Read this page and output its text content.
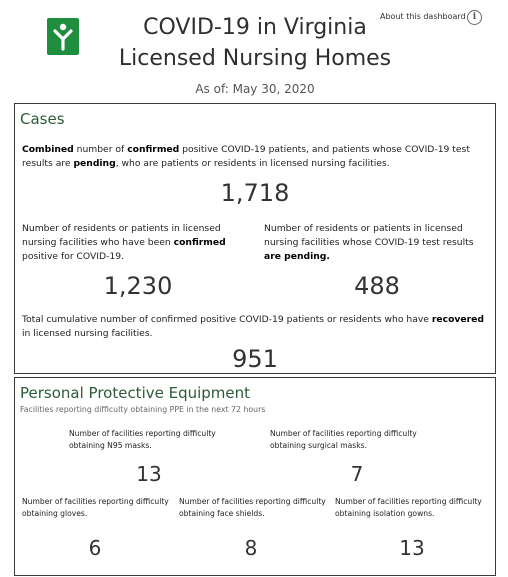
COVID-19 in Virginia
Licensed Nursing Homes
As of: May 30, 2020
About this dashboard i
Cases
Combined number of confirmed positive COVID-19 patients, and patients whose COVID-19 test results are pending, who are patients or residents in licensed nursing facilities.
1,718
Number of residents or patients in licensed nursing facilities who have been confirmed positive for COVID-19.
1,230
Number of residents or patients in licensed nursing facilities whose COVID-19 test results are pending.
488
Total cumulative number of confirmed positive COVID-19 patients or residents who have recovered in licensed nursing facilities.
951
Personal Protective Equipment
Facilities reporting difficulty obtaining PPE in the next 72 hours
Number of facilities reporting difficulty obtaining N95 masks.
13
Number of facilities reporting difficulty obtaining surgical masks.
7
Number of facilities reporting difficulty obtaining gloves.
6
Number of facilities reporting difficulty obtaining face shields.
8
Number of facilities reporting difficulty obtaining isolation gowns.
13
